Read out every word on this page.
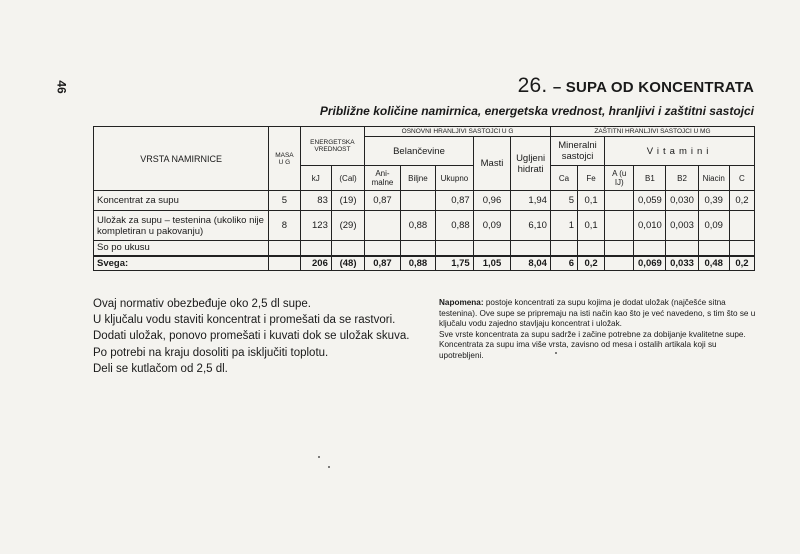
46	26. – SUPA OD KONCENTRATA
Približne količine namirnica, energetska vrednost, hranljivi i zaštitni sastojci
VRSTA NAMIRNICE	MASA U G	ENERGETSKA VREDNOST		OSNOVNI HRANLJIVI SASTOJCI U G					ZAŠTITNI HRANLJIVI SASTOJCI U MG						
				Belančevine			Masti	Ugljeni hidrati	Mineralni sastojci		Vitamini				
		kJ	(Cal)	Ani- malne	Biljne	Ukupno			Ca	Fe	A (u IJ)	B1	B2	Niacin	C
Koncentrat za supu	5	83	(19)	0,87		0,87	0,96	1,94	5	0,1		0,059	0,030	0,39	0,2
Uložak za supu – testenina (ukoliko nije kompletiran u pakovanju)	8	123	(29)		0,88	0,88	0,09	6,10	1	0,1		0,010	0,003	0,09	
So po ukusu															
Svega:		206	(48)	0,87	0,88	1,75	1,05	8,04	6	0,2		0,069	0,033	0,48	0,2

Ovaj normativ obezbeđuje oko 2,5 dl supe.

U ključalu vodu staviti koncentrat i promešati da se rastvori.

Dodati uložak, ponovo promešati i kuvati dok se uložak skuva.

Po potrebi na kraju dosoliti pa isključiti toplotu.

Deli se kutlačom od 2,5 dl.

Napomena: postoje koncentrati za supu kojima je dodat uložak (najčešće sitna testenina). Ove supe se pripremaju na isti način kao što je već navedeno, s tim što se u ključalu vodu zajedno stavljaju koncentrat i uložak.

Sve vrste koncentrata za supu sadrže i začine potrebne za dobijanje kvalitetne supe.

Koncentrata za supu ima više vrsta, zavisno od mesa i ostalih artikala koji su upotrebljeni.
